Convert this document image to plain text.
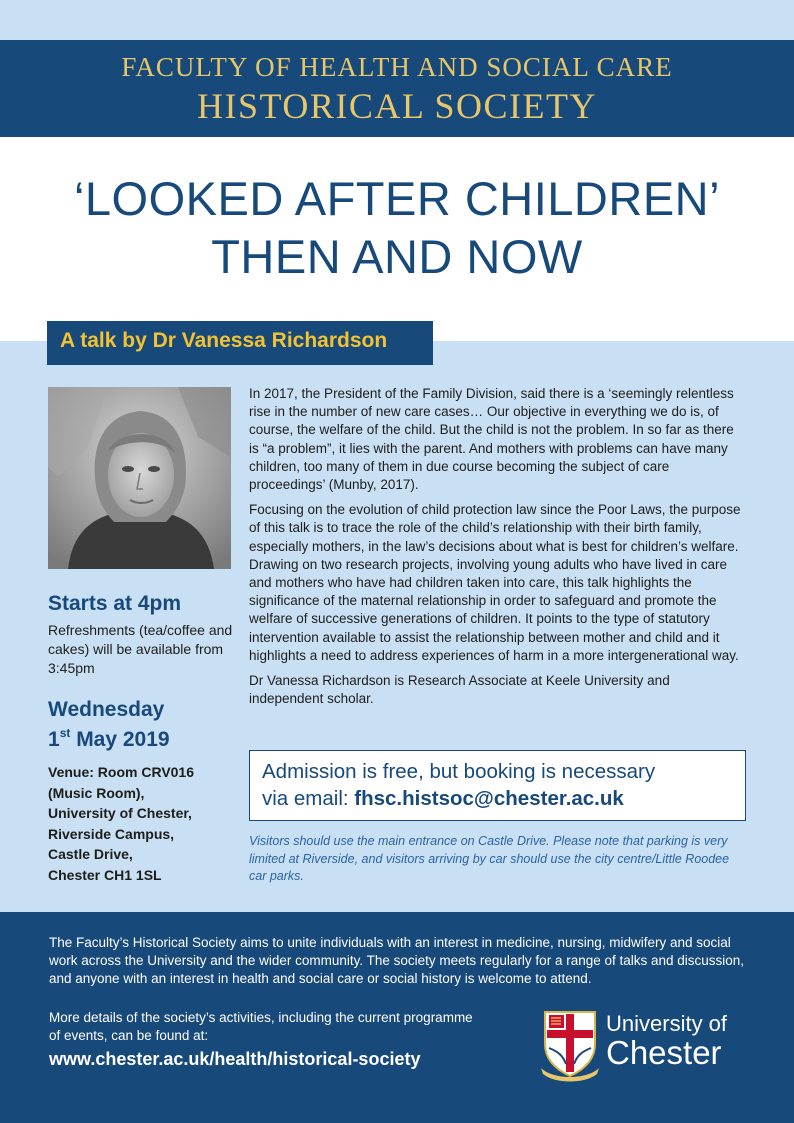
FACULTY OF HEALTH AND SOCIAL CARE
HISTORICAL SOCIETY
‘LOOKED AFTER CHILDREN’
THEN AND NOW
A talk by Dr Vanessa Richardson
Starts at 4pm
Refreshments (tea/coffee and cakes) will be available from 3:45pm
Wednesday
1st May 2019
Venue: Room CRV016
(Music Room),
University of Chester,
Riverside Campus,
Castle Drive,
Chester CH1 1SL

In 2017, the President of the Family Division, said there is a ‘seemingly relentless rise in the number of new care cases… Our objective in everything we do is, of course, the welfare of the child. But the child is not the problem. In so far as there is “a problem”, it lies with the parent. And mothers with problems can have many children, too many of them in due course becoming the subject of care proceedings’ (Munby, 2017).

Focusing on the evolution of child protection law since the Poor Laws, the purpose of this talk is to trace the role of the child’s relationship with their birth family, especially mothers, in the law’s decisions about what is best for children’s welfare. Drawing on two research projects, involving young adults who have lived in care and mothers who have had children taken into care, this talk highlights the significance of the maternal relationship in order to safeguard and promote the welfare of successive generations of children. It points to the type of statutory intervention available to assist the relationship between mother and child and it highlights a need to address experiences of harm in a more intergenerational way.

Dr Vanessa Richardson is Research Associate at Keele University and independent scholar.

Admission is free, but booking is necessary
via email: fhsc.histsoc@chester.ac.uk
Visitors should use the main entrance on Castle Drive. Please note that parking is very limited at Riverside, and visitors arriving by car should use the city centre/Little Roodee car parks.
The Faculty’s Historical Society aims to unite individuals with an interest in medicine, nursing, midwifery and social work across the University and the wider community. The society meets regularly for a range of talks and discussion, and anyone with an interest in health and social care or social history is welcome to attend.
More details of the society’s activities, including the current programme of events, can be found at:
www.chester.ac.uk/health/historical-society
University of
Chester
